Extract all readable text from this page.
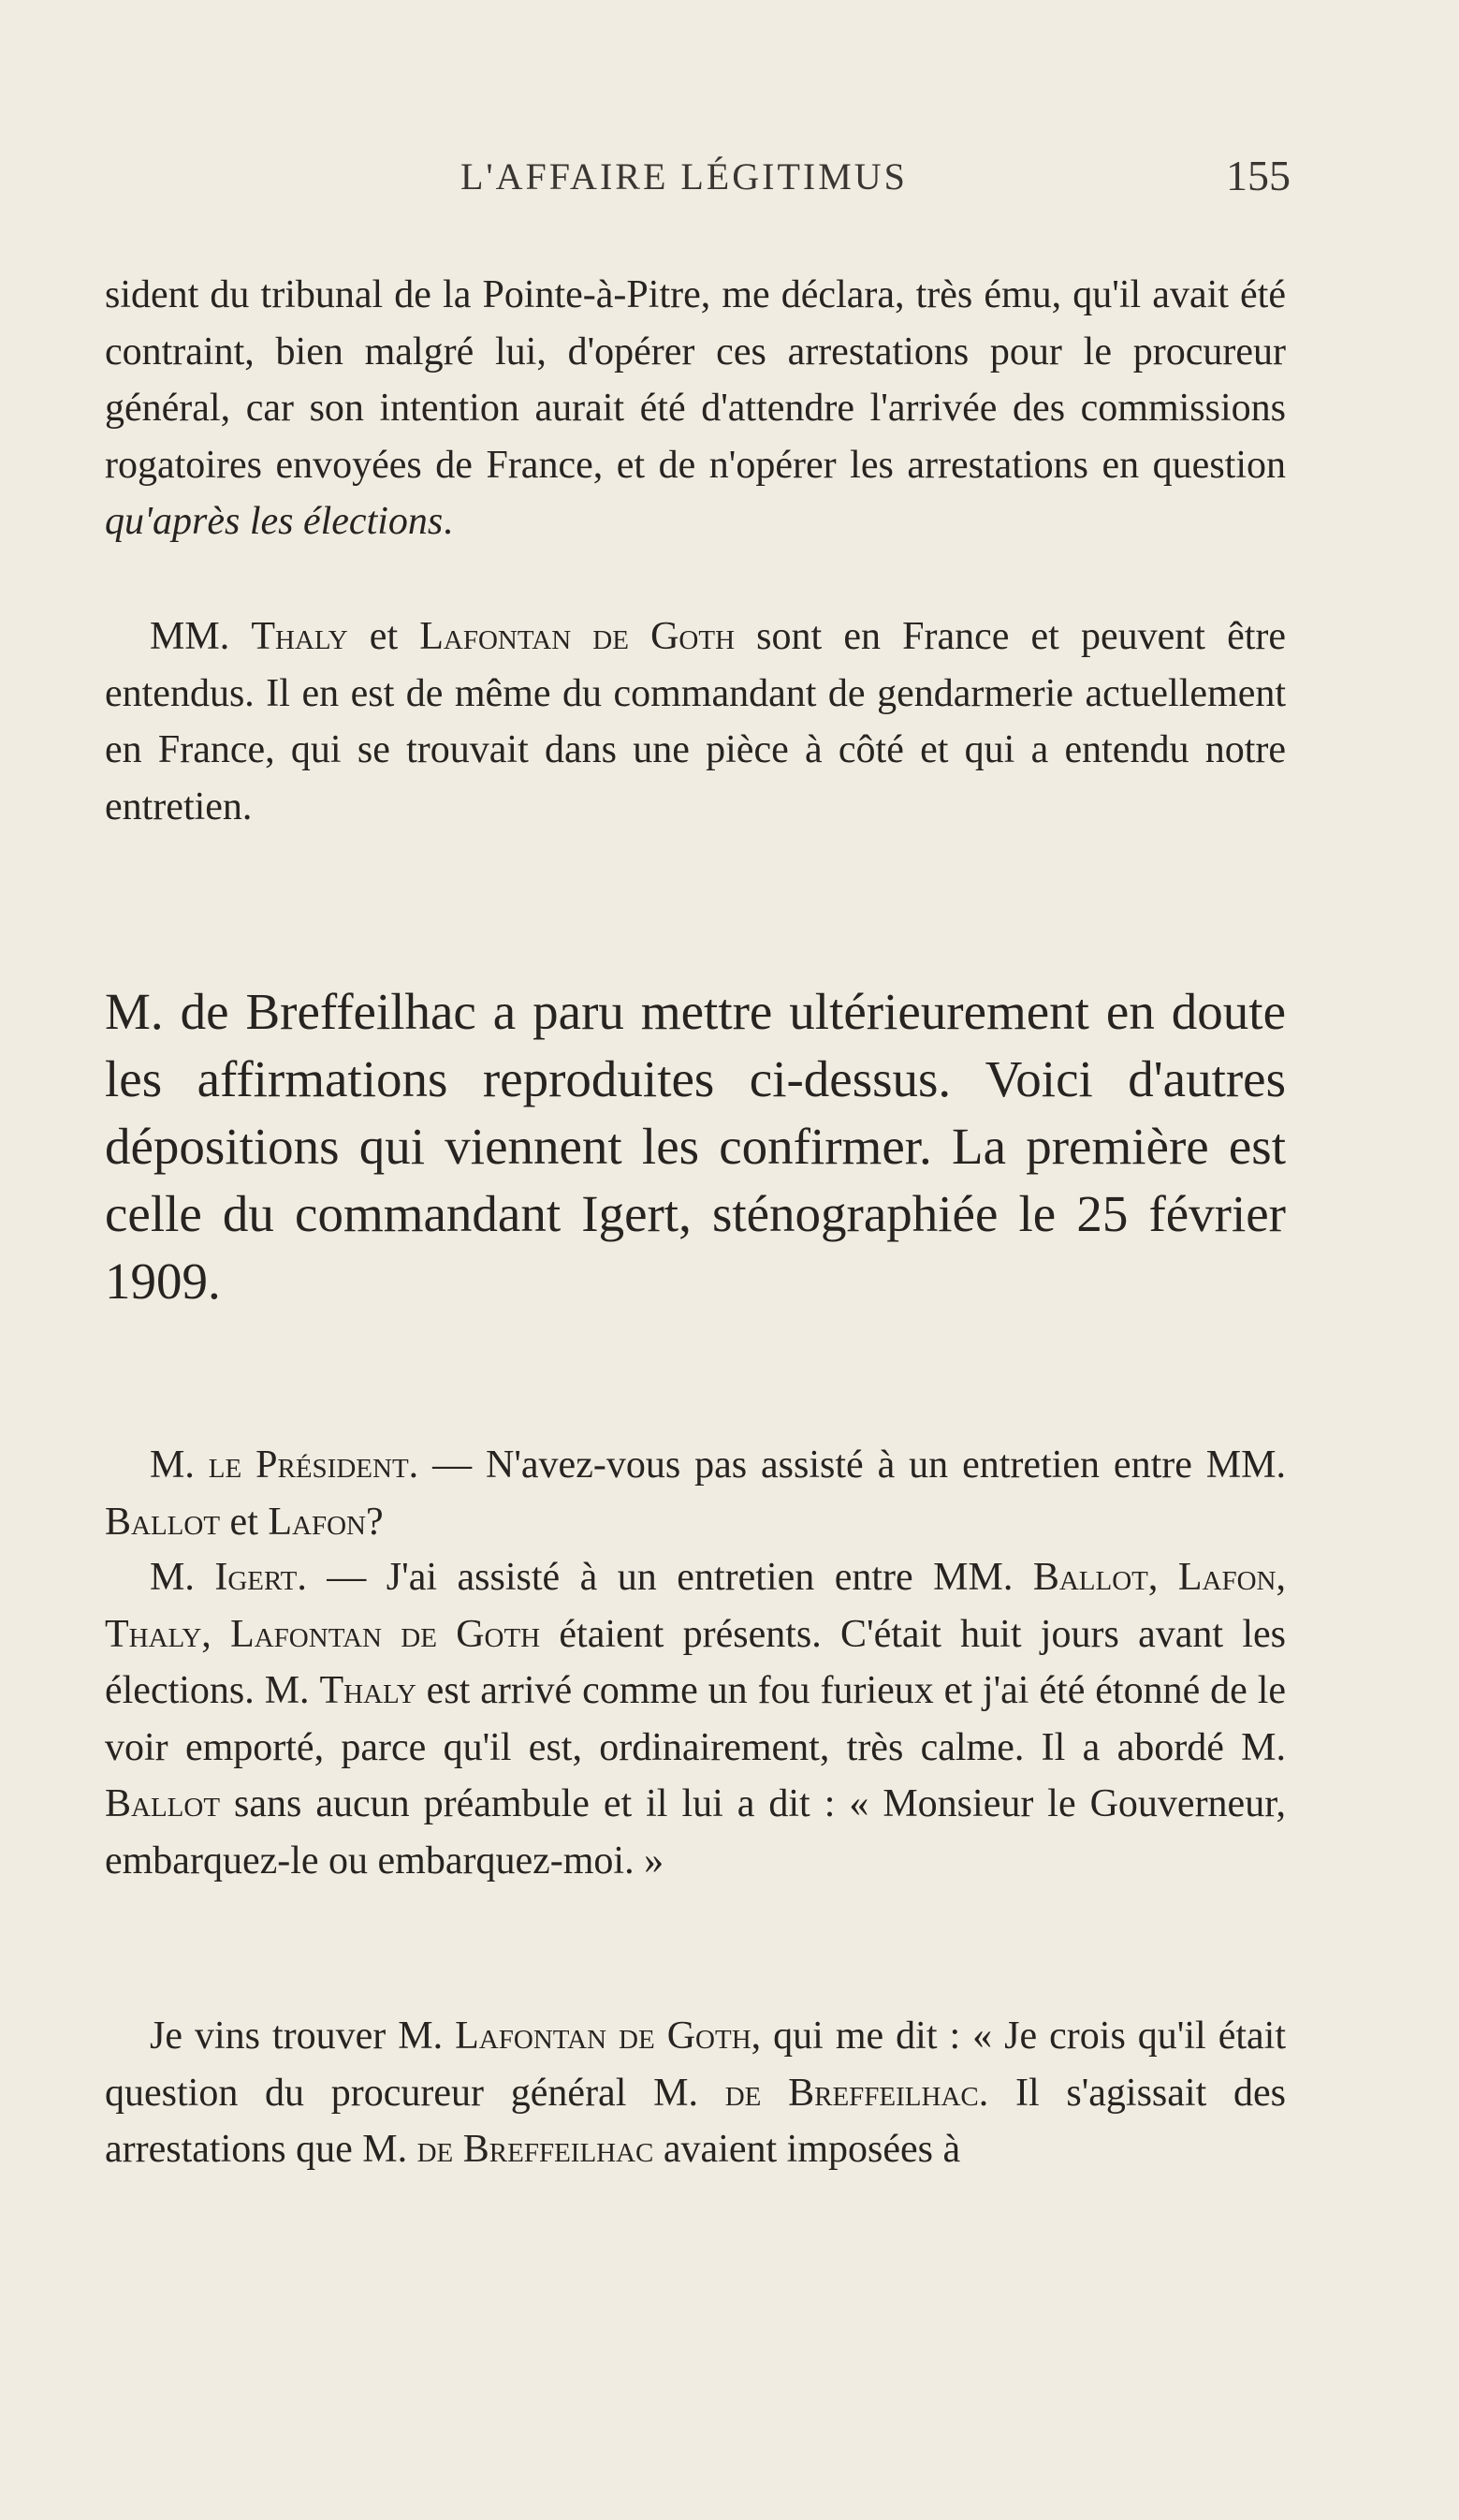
L'AFFAIRE LÉGITIMUS	155

sident du tribunal de la Pointe-à-Pitre, me déclara, très ému, qu'il avait été contraint, bien malgré lui, d'opérer ces arrestations pour le procureur général, car son intention aurait été d'attendre l'arrivée des commissions rogatoires envoyées de France, et de n'opérer les arrestations en question qu'après les élections.

MM. Thaly et Lafontan de Goth sont en France et peuvent être entendus. Il en est de même du commandant de gendarmerie actuellement en France, qui se trouvait dans une pièce à côté et qui a entendu notre entretien.

M. de Breffeilhac a paru mettre ultérieurement en doute les affirmations reproduites ci-dessus. Voici d'autres dépositions qui viennent les confirmer. La première est celle du commandant Igert, sténographiée le 25 février 1909.

M. le Président. — N'avez-vous pas assisté à un entretien entre MM. Ballot et Lafon?

M. Igert. — J'ai assisté à un entretien entre MM. Ballot, Lafon, Thaly, Lafontan de Goth étaient présents. C'était huit jours avant les élections. M. Thaly est arrivé comme un fou furieux et j'ai été étonné de le voir emporté, parce qu'il est, ordinairement, très calme. Il a abordé M. Ballot sans aucun préambule et il lui a dit : « Monsieur le Gouverneur, embarquez-le ou embarquez-moi. »

Je vins trouver M. Lafontan de Goth, qui me dit : « Je crois qu'il était question du procureur général M. de Breffeilhac. Il s'agissait des arrestations que M. de Breffeilhac avaient imposées à
